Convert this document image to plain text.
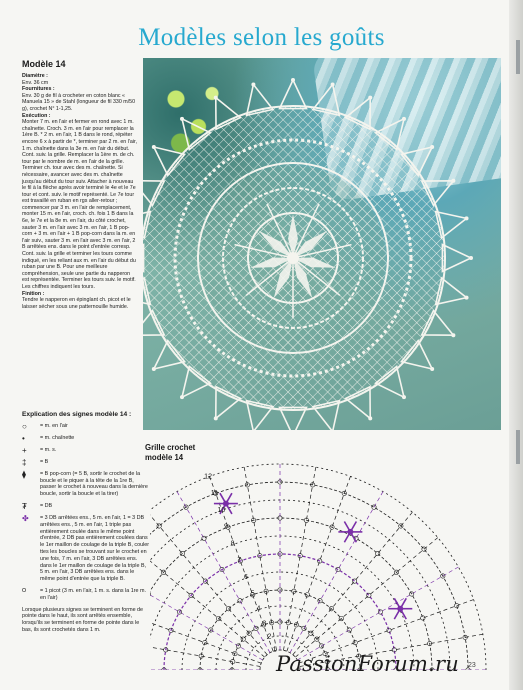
Modèles selon les goûts
Modèle 14

Diamètre :

Env. 36 cm

Fournitures :

Env. 30 g de fil à crocheter en coton blanc « Manuela 15 » de Stahl (longueur de fil 330 m/50 g), crochet N° 1-1,25.

Exécution :

Monter 7 m. en l'air et fermer en rond avec 1 m. chaînette. Croch. 3 m. en l'air pour remplacer la 1ère B. * 2 m. en l'air, 1 B dans le rond, répéter encore 6 x à partir de *, terminer par 2 m. en l'air, 1 m. chaînette dans la 3e m. en l'air du début. Cont. suiv. la grille. Remplacer la 1ère m. de ch. tour par le nombre de m. en l'air de la grille. Terminer ch. tour avec des m. chaînette. Si nécessaire, avancer avec des m. chaînette jusqu'au début du tour suiv. Attacher à nouveau le fil à la flèche après avoir terminé le 4e et le 7e tour et cont. suiv. le motif représenté. Le 7e tour est travaillé en ruban en rgs aller-retour ; commencer par 3 m. en l'air de remplacement, monter 15 m. en l'air, croch. ch. fois 1 B dans la 6e, le 7e et la 8e m. en l'air, du côté crochet, sauter 3 m. en l'air avec 3 m. en l'air, 1 B pop-corn + 3 m. en l'air + 1 B pop-corn dans la m. en l'air suiv., sauter 3 m. en l'air avec 3 m. en l'air, 2 B arrêtées ens. dans le point d'entrée corresp. Cont. suiv. la grille et terminer les tours comme indiqué, en les reliant aux m. en l'air du début du ruban par une B. Pour une meilleure compréhension, seule une partie du napperon est représentée. Terminer les tours suiv. le motif. Les chiffres indiquent les tours.

Finition :

Tendre le napperon en épinglant ch. picot et le laisser sécher sous une patternouille humide.

Explication des signes modèle 14 :
○	= m. en l'air
•	= m. chaînette
+	= m. s.
‡	= B
⧫	= B pop-corn (= 5 B, sortir le crochet de la boucle et le piquer à la tête de la 1re B, passer le crochet à nouveau dans la dernière boucle, sortir la boucle et la tirer)
₮	= DB
✤	= 3 DB arrêtées ens., 5 m. en l'air, 1 = 3 DB arrêtées ens., 5 m. en l'air, 1 triple pas entièrement coulée dans le même point d'entrée, 2 DB pas entièrement coulées dans le 1er maillon de coulage de la triple B, couler ttes les boucles se trouvant sur le crochet en une fois, 7 m. en l'air, 3 DB arrêtées ens. dans le 1er maillon de coulage de la triple B, 5 m. en l'air, 3 DB arrêtées ens. dans le même point d'entrée que la triple B.
ᴼ	= 1 picot (3 m. en l'air, 1 m. s. dans la 1re m. en l'air)

Lorsque plusieurs signes se terminent en forme de pointe dans le haut, ils sont arrêtés ensemble, lorsqu'ils se terminent en forme de pointe dans le bas, ils sont crochetés dans 1 m.

Grille crochet
modèle 14
1
2
3
4
5
6
7
8
9
10
11
12
PassionForum.ru 23
